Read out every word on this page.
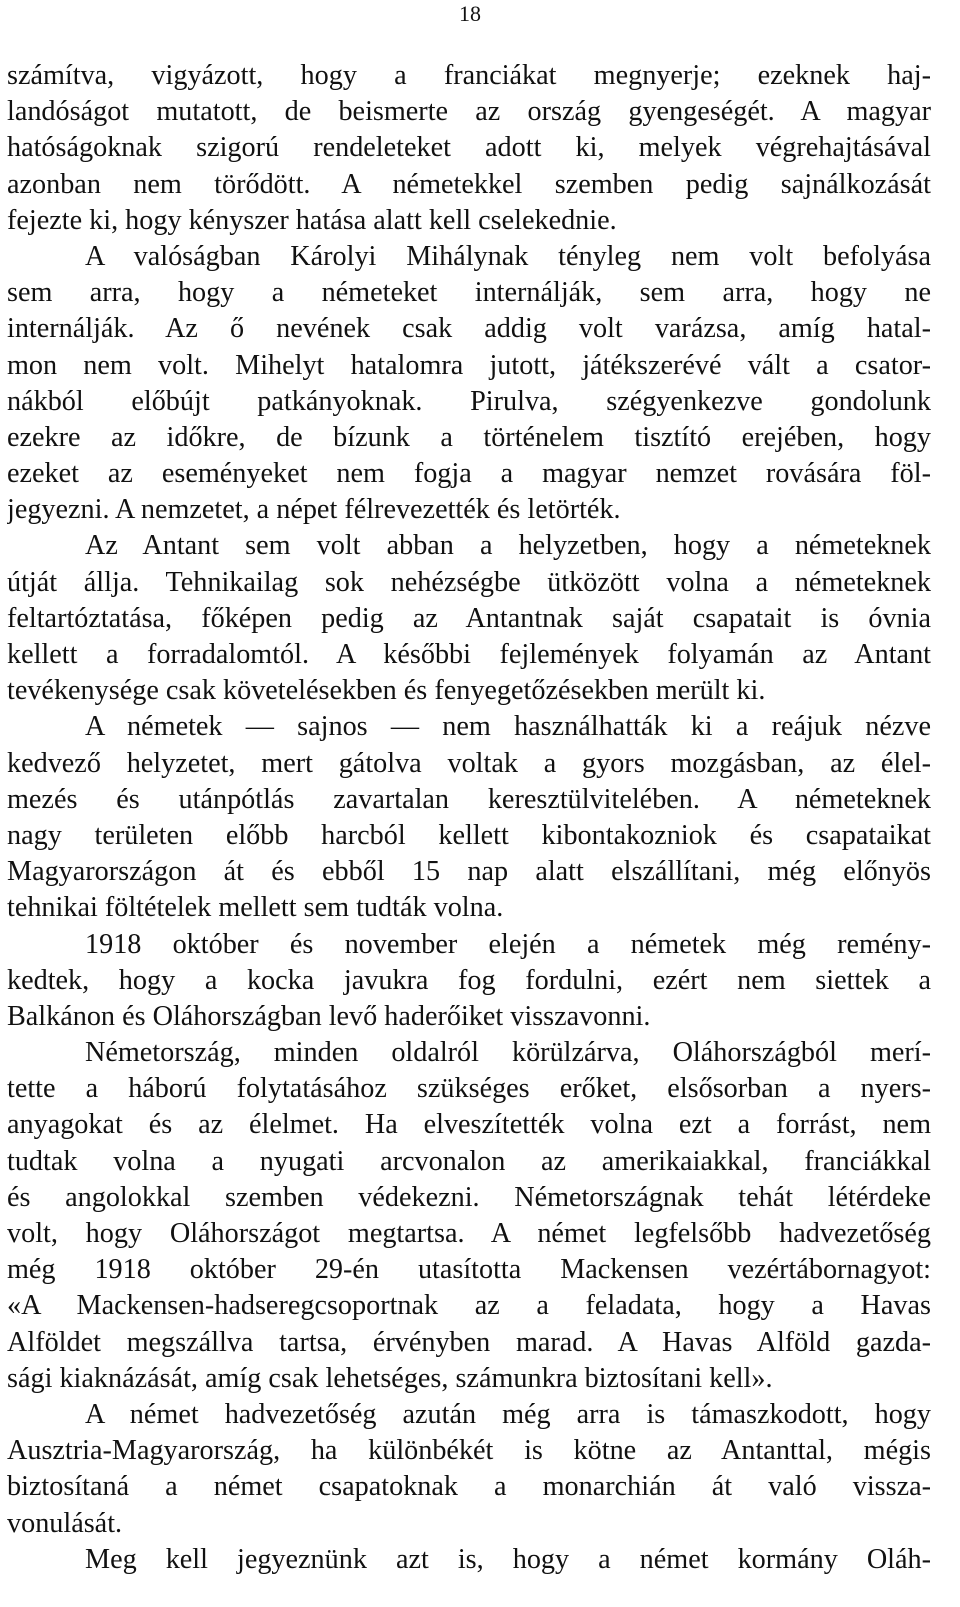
18
számítva, vigyázott, hogy a franciákat megnyerje; ezeknek haj-
landóságot mutatott, de beismerte az ország gyengeségét. A magyar
hatóságoknak szigorú rendeleteket adott ki, melyek végrehajtásával
azonban nem törődött. A németekkel szemben pedig sajnálkozását
fejezte ki, hogy kényszer hatása alatt kell cselekednie.
A valóságban Károlyi Mihálynak tényleg nem volt befolyása
sem arra, hogy a németeket internálják, sem arra, hogy ne
internálják. Az ő nevének csak addig volt varázsa, amíg hatal-
mon nem volt. Mihelyt hatalomra jutott, játékszerévé vált a csator-
nákból előbújt patkányoknak. Pirulva, szégyenkezve gondolunk
ezekre az időkre, de bízunk a történelem tisztító erejében, hogy
ezeket az eseményeket nem fogja a magyar nemzet rovására föl-
jegyezni. A nemzetet, a népet félrevezették és letörték.
Az Antant sem volt abban a helyzetben, hogy a németeknek
útját állja. Tehnikailag sok nehézségbe ütközött volna a németeknek
feltartóztatása, főképen pedig az Antantnak saját csapatait is óvnia
kellett a forradalomtól. A későbbi fejlemények folyamán az Antant
tevékenysége csak követelésekben és fenyegetőzésekben merült ki.
A németek — sajnos — nem használhatták ki a reájuk nézve
kedvező helyzetet, mert gátolva voltak a gyors mozgásban, az élel-
mezés és utánpótlás zavartalan keresztülvitelében. A németeknek
nagy területen előbb harcból kellett kibontakozniok és csapataikat
Magyarországon át és ebből 15 nap alatt elszállítani, még előnyös
tehnikai föltételek mellett sem tudták volna.
1918 október és november elején a németek még remény-
kedtek, hogy a kocka javukra fog fordulni, ezért nem siettek a
Balkánon és Oláhországban levő haderőiket visszavonni.
Németország, minden oldalról körülzárva, Oláhországból merí-
tette a háború folytatásához szükséges erőket, elsősorban a nyers-
anyagokat és az élelmet. Ha elveszítették volna ezt a forrást, nem
tudtak volna a nyugati arcvonalon az amerikaiakkal, franciákkal
és angolokkal szemben védekezni. Németországnak tehát létérdeke
volt, hogy Oláhországot megtartsa. A német legfelsőbb hadvezetőség
még 1918 október 29-én utasította Mackensen vezértábornagyot:
«A Mackensen-hadseregcsoportnak az a feladata, hogy a Havas
Alföldet megszállva tartsa, érvényben marad. A Havas Alföld gazda-
sági kiaknázását, amíg csak lehetséges, számunkra biztosítani kell».
A német hadvezetőség azután még arra is támaszkodott, hogy
Ausztria-Magyarország, ha különbékét is kötne az Antanttal, mégis
biztosítaná a német csapatoknak a monarchián át való vissza-
vonulását.
Meg kell jegyeznünk azt is, hogy a német kormány Oláh-
